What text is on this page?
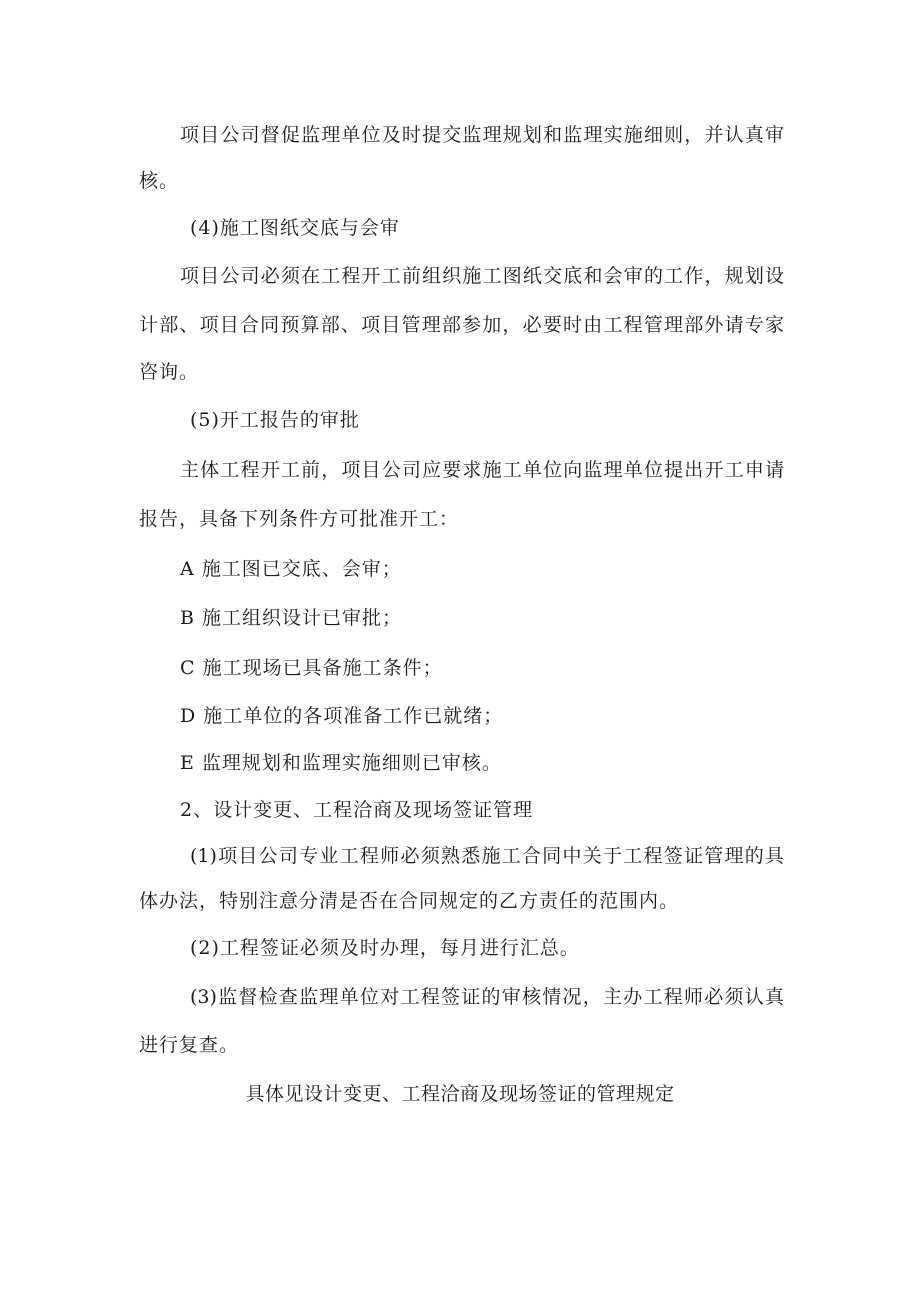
项目公司督促监理单位及时提交监理规划和监理实施细则，并认真审
核。
(4)施工图纸交底与会审
项目公司必须在工程开工前组织施工图纸交底和会审的工作，规划设
计部、项目合同预算部、项目管理部参加，必要时由工程管理部外请专家
咨询。
(5)开工报告的审批
主体工程开工前，项目公司应要求施工单位向监理单位提出开工申请
报告，具备下列条件方可批准开工：
A 施工图已交底、会审；
B 施工组织设计已审批；
C 施工现场已具备施工条件；
D 施工单位的各项准备工作已就绪；
E 监理规划和监理实施细则已审核。
2、设计变更、工程洽商及现场签证管理
(1)项目公司专业工程师必须熟悉施工合同中关于工程签证管理的具
体办法，特别注意分清是否在合同规定的乙方责任的范围内。
(2)工程签证必须及时办理，每月进行汇总。
(3)监督检查监理单位对工程签证的审核情况，主办工程师必须认真
进行复查。
具体见设计变更、工程洽商及现场签证的管理规定
